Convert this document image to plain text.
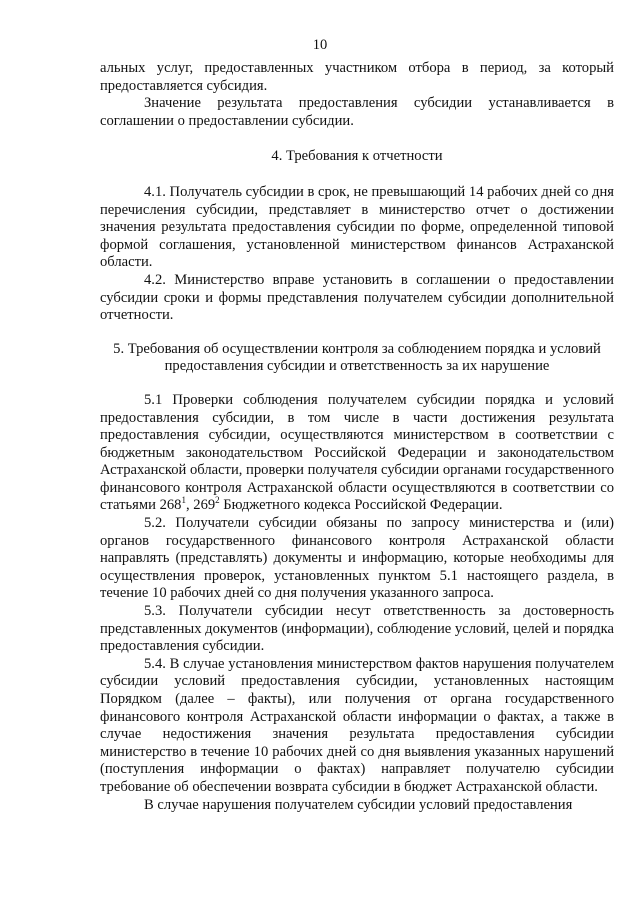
10

альных услуг, предоставленных участником отбора в период, за который предоставляется субсидия.

Значение результата предоставления субсидии устанавливается в соглашении о предоставлении субсидии.

4. Требования к отчетности

4.1. Получатель субсидии в срок, не превышающий 14 рабочих дней со дня перечисления субсидии, представляет в министерство отчет о достижении значения результата предоставления субсидии по форме, определенной типовой формой соглашения, установленной министерством финансов Астраханской области.

4.2. Министерство вправе установить в соглашении о предоставлении субсидии сроки и формы представления получателем субсидии дополнительной отчетности.

5. Требования об осуществлении контроля за соблюдением порядка и условий предоставления субсидии и ответственность за их нарушение

5.1 Проверки соблюдения получателем субсидии порядка и условий предоставления субсидии, в том числе в части достижения результата предоставления субсидии, осуществляются министерством в соответствии с бюджетным законодательством Российской Федерации и законодательством Астраханской области, проверки получателя субсидии органами государственного финансового контроля Астраханской области осуществляются в соответствии со статьями $268^1$, $269^2$ Бюджетного кодекса Российской Федерации.

5.2. Получатели субсидии обязаны по запросу министерства и (или) органов государственного финансового контроля Астраханской области направлять (представлять) документы и информацию, которые необходимы для осуществления проверок, установленных пунктом 5.1 настоящего раздела, в течение 10 рабочих дней со дня получения указанного запроса.

5.3. Получатели субсидии несут ответственность за достоверность представленных документов (информации), соблюдение условий, целей и порядка предоставления субсидии.

5.4. В случае установления министерством фактов нарушения получателем субсидии условий предоставления субсидии, установленных настоящим Порядком (далее – факты), или получения от органа государственного финансового контроля Астраханской области информации о фактах, а также в случае недостижения значения результата предоставления субсидии министерство в течение 10 рабочих дней со дня выявления указанных нарушений (поступления информации о фактах) направляет получателю субсидии требование об обеспечении возврата субсидии в бюджет Астраханской области.

В случае нарушения получателем субсидии условий предоставления
